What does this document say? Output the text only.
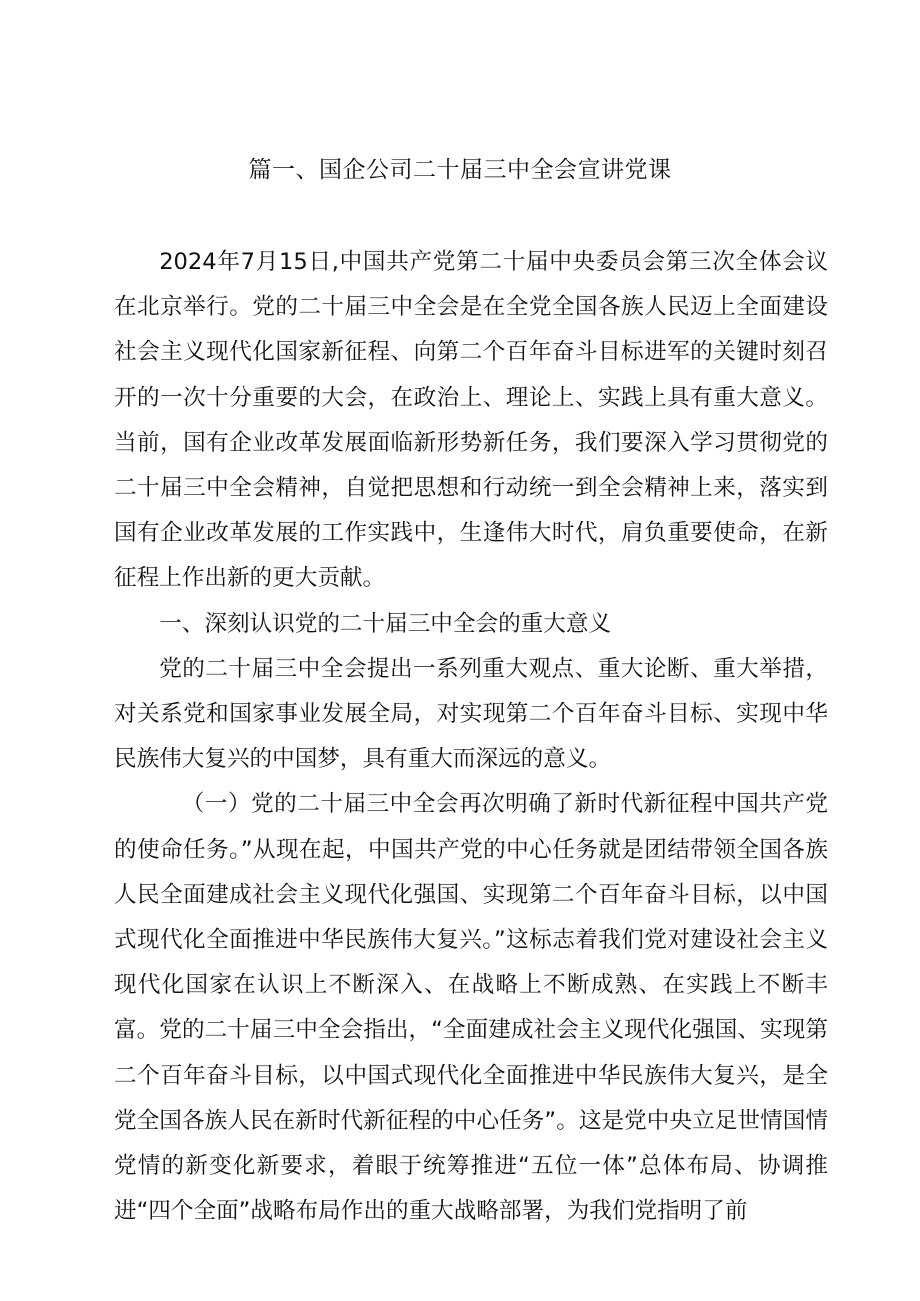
篇一、国企公司二十届三中全会宣讲党课

2024年7月15日,中国共产党第二十届中央委员会第三次全体会议在北京举行。党的二十届三中全会是在全党全国各族人民迈上全面建设社会主义现代化国家新征程、向第二个百年奋斗目标进军的关键时刻召开的一次十分重要的大会，在政治上、理论上、实践上具有重大意义。当前，国有企业改革发展面临新形势新任务，我们要深入学习贯彻党的二十届三中全会精神，自觉把思想和行动统一到全会精神上来，落实到国有企业改革发展的工作实践中，生逢伟大时代，肩负重要使命，在新征程上作出新的更大贡献。

一、深刻认识党的二十届三中全会的重大意义

党的二十届三中全会提出一系列重大观点、重大论断、重大举措，对关系党和国家事业发展全局，对实现第二个百年奋斗目标、实现中华民族伟大复兴的中国梦，具有重大而深远的意义。

（一）党的二十届三中全会再次明确了新时代新征程中国共产党的使命任务。”从现在起，中国共产党的中心任务就是团结带领全国各族人民全面建成社会主义现代化强国、实现第二个百年奋斗目标，以中国式现代化全面推进中华民族伟大复兴。”这标志着我们党对建设社会主义现代化国家在认识上不断深入、在战略上不断成熟、在实践上不断丰富。党的二十届三中全会指出，“全面建成社会主义现代化强国、实现第二个百年奋斗目标，以中国式现代化全面推进中华民族伟大复兴，是全党全国各族人民在新时代新征程的中心任务”。这是党中央立足世情国情党情的新变化新要求，着眼于统筹推进“五位一体”总体布局、协调推进“四个全面”战略布局作出的重大战略部署，为我们党指明了前
